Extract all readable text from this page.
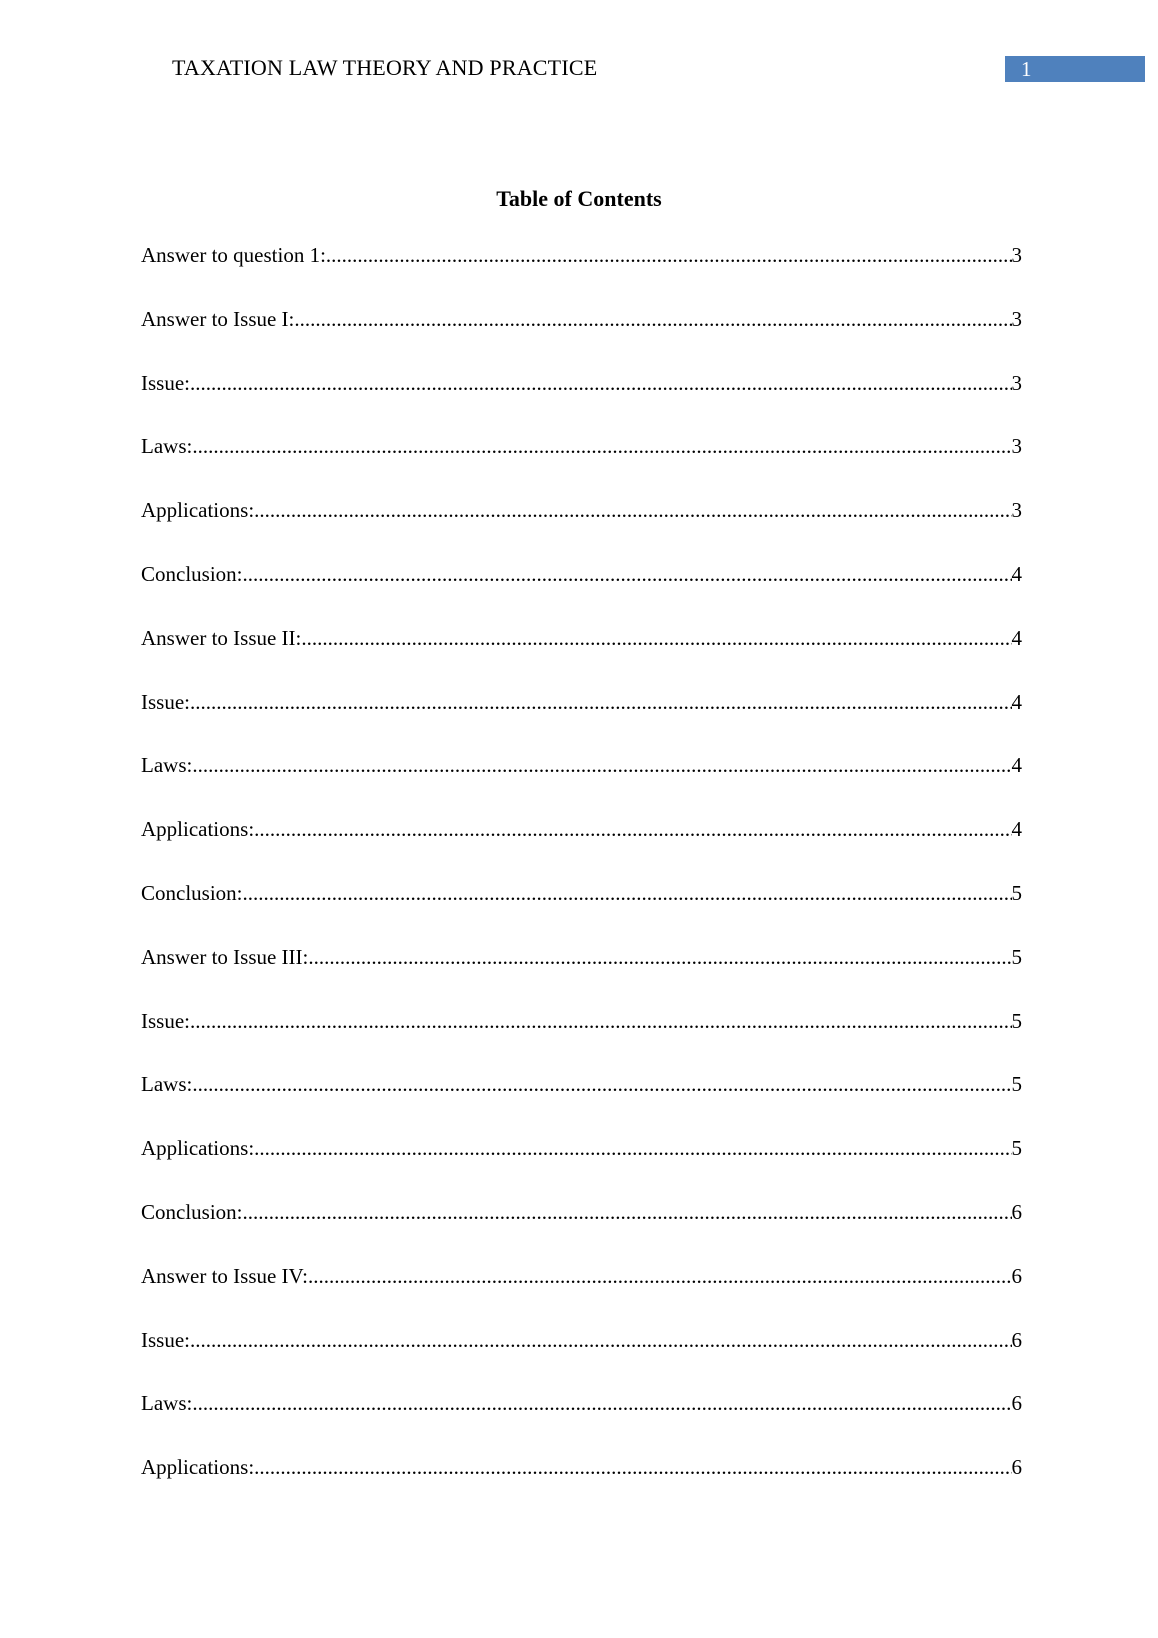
TAXATION LAW THEORY AND PRACTICE	1
Table of Contents
Answer to question 1: .....	3
Answer to Issue I: .....	3
Issue: .....	3
Laws: .....	3
Applications: .....	3
Conclusion: .....	4
Answer to Issue II: .....	4
Issue: .....	4
Laws: .....	4
Applications: .....	4
Conclusion: .....	5
Answer to Issue III: .....	5
Issue: .....	5
Laws: .....	5
Applications: .....	5
Conclusion: .....	6
Answer to Issue IV: .....	6
Issue: .....	6
Laws: .....	6
Applications: .....	6
